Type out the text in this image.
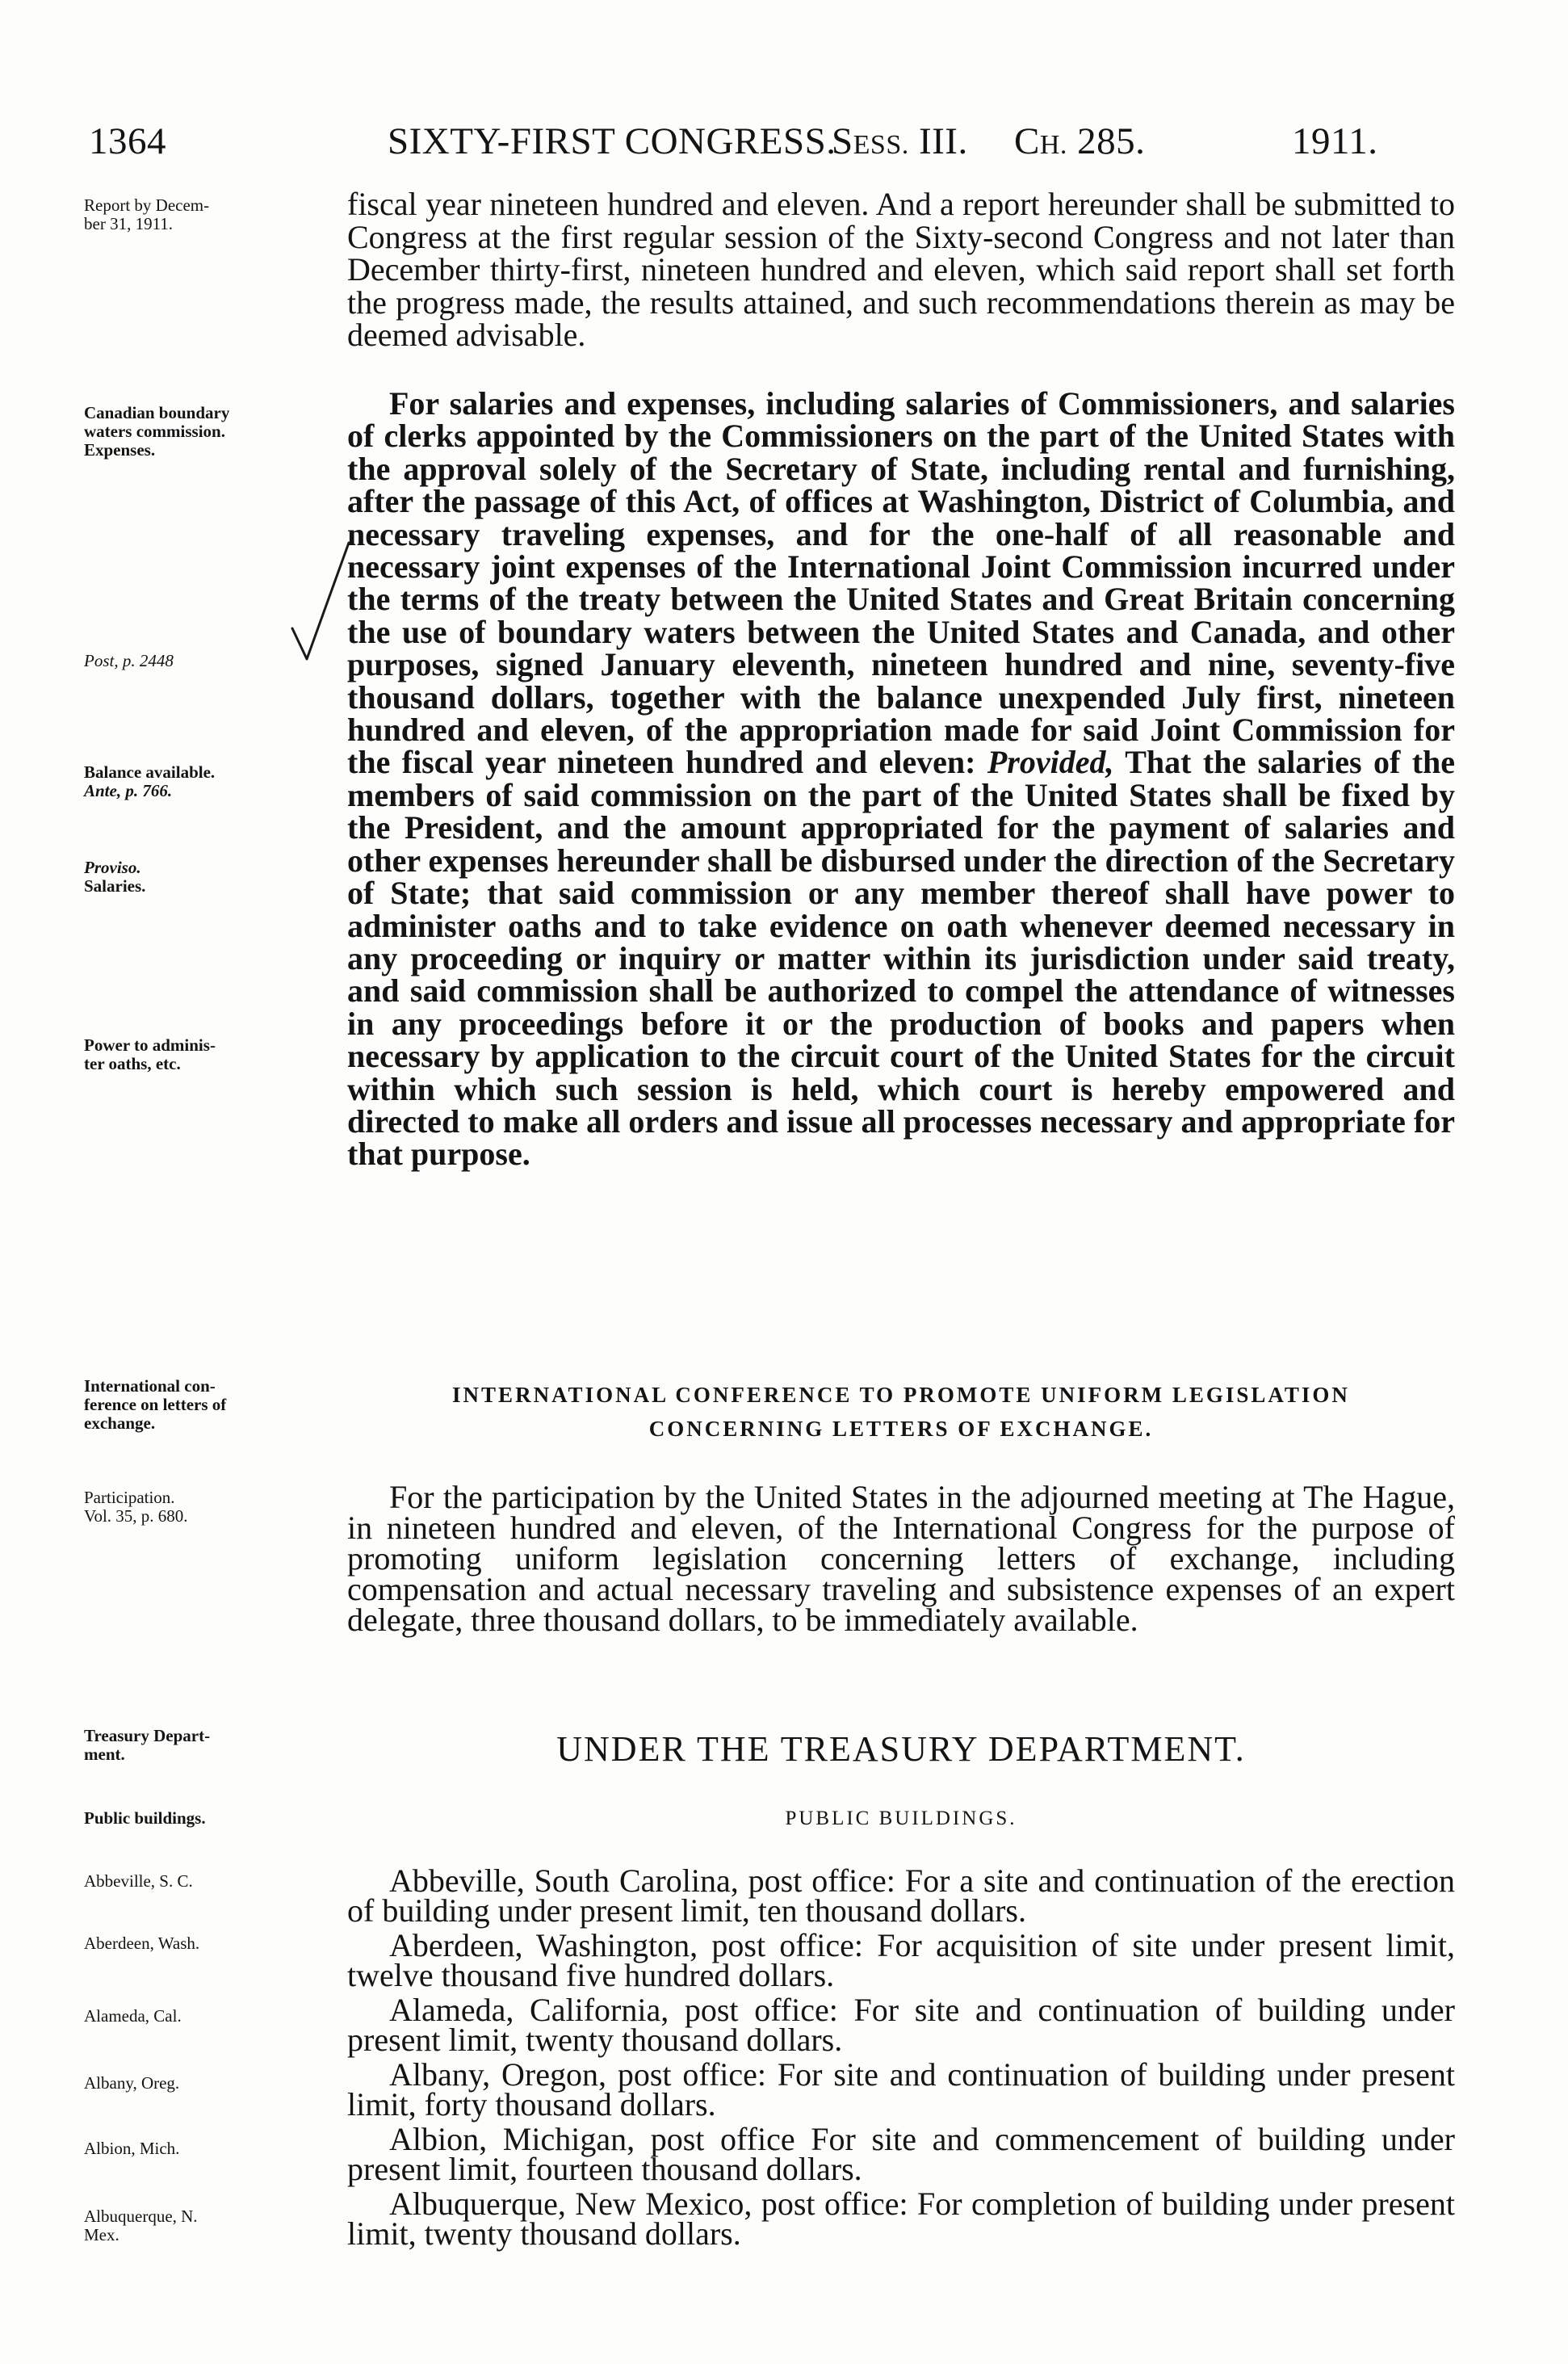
1364	SIXTY-FIRST CONGRESS.
SESS. III. CH. 285.	1911.
Report by Decem-
ber 31, 1911.
Canadian boundary
waters commission.
Expenses.
Post, p. 2448
Balance available.
Ante, p. 766.
Proviso.
Salaries.
Power to adminis-
ter oaths, etc.
International con-
ference on letters of
exchange.
Participation.
Vol. 35, p. 680.
Treasury Depart-
ment.
Public buildings.
Abbeville, S. C.
Aberdeen, Wash.
Alameda, Cal.
Albany, Oreg.
Albion, Mich.
Albuquerque, N.
Mex.

fiscal year nineteen hundred and eleven. And a report hereunder shall be submitted to Congress at the first regular session of the Sixty-second Congress and not later than December thirty-first, nineteen hundred and eleven, which said report shall set forth the progress made, the results attained, and such recommendations therein as may be deemed advisable.

For salaries and expenses, including salaries of Commissioners, and salaries of clerks appointed by the Commissioners on the part of the United States with the approval solely of the Secretary of State, including rental and furnishing, after the passage of this Act, of offices at Washington, District of Columbia, and necessary traveling expenses, and for the one-half of all reasonable and necessary joint expenses of the International Joint Commission incurred under the terms of the treaty between the United States and Great Britain concerning the use of boundary waters between the United States and Canada, and other purposes, signed January eleventh, nineteen hundred and nine, seventy-five thousand dollars, together with the balance unexpended July first, nineteen hundred and eleven, of the appropriation made for said Joint Commission for the fiscal year nineteen hundred and eleven: Provided, That the salaries of the members of said commission on the part of the United States shall be fixed by the President, and the amount appropriated for the payment of salaries and other expenses hereunder shall be disbursed under the direction of the Secretary of State; that said commission or any member thereof shall have power to administer oaths and to take evidence on oath whenever deemed necessary in any proceeding or inquiry or matter within its jurisdiction under said treaty, and said commission shall be authorized to compel the attendance of witnesses in any proceedings before it or the production of books and papers when necessary by application to the circuit court of the United States for the circuit within which such session is held, which court is hereby empowered and directed to make all orders and issue all processes necessary and appropriate for that purpose.

INTERNATIONAL CONFERENCE TO PROMOTE UNIFORM LEGISLATION
CONCERNING LETTERS OF EXCHANGE.

For the participation by the United States in the adjourned meeting at The Hague, in nineteen hundred and eleven, of the International Congress for the purpose of promoting uniform legislation concerning letters of exchange, including compensation and actual necessary traveling and subsistence expenses of an expert delegate, three thousand dollars, to be immediately available.

UNDER THE TREASURY DEPARTMENT.
PUBLIC BUILDINGS.

Abbeville, South Carolina, post office: For a site and continuation of the erection of building under present limit, ten thousand dollars.

Aberdeen, Washington, post office: For acquisition of site under present limit, twelve thousand five hundred dollars.

Alameda, California, post office: For site and continuation of building under present limit, twenty thousand dollars.

Albany, Oregon, post office: For site and continuation of building under present limit, forty thousand dollars.

Albion, Michigan, post office For site and commencement of building under present limit, fourteen thousand dollars.

Albuquerque, New Mexico, post office: For completion of building under present limit, twenty thousand dollars.
